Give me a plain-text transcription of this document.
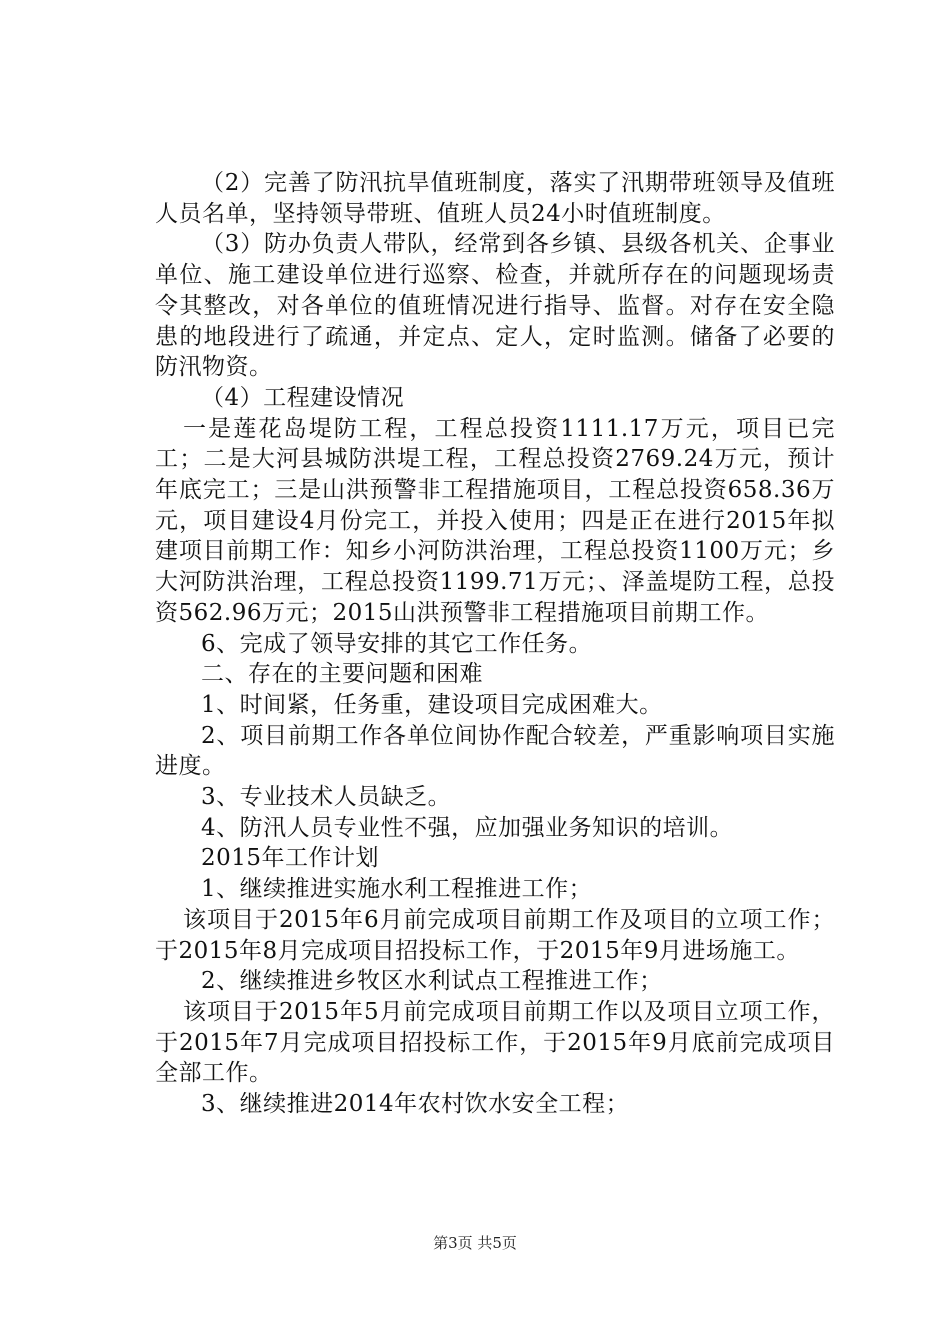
（2）完善了防汛抗旱值班制度，落实了汛期带班领导及值班人员名单，坚持领导带班、值班人员24小时值班制度。

（3）防办负责人带队，经常到各乡镇、县级各机关、企事业单位、施工建设单位进行巡察、检查，并就所存在的问题现场责令其整改，对各单位的值班情况进行指导、监督。对存在安全隐患的地段进行了疏通，并定点、定人，定时监测。储备了必要的防汛物资。

（4）工程建设情况

一是莲花岛堤防工程，工程总投资1111.17万元，项目已完工；二是大河县城防洪堤工程，工程总投资2769.24万元，预计年底完工；三是山洪预警非工程措施项目，工程总投资658.36万元，项目建设4月份完工，并投入使用；四是正在进行2015年拟建项目前期工作：知乡小河防洪治理，工程总投资1100万元；乡大河防洪治理，工程总投资1199.71万元；、泽盖堤防工程，总投资562.96万元；2015山洪预警非工程措施项目前期工作。

6、完成了领导安排的其它工作任务。

二、存在的主要问题和困难

1、时间紧，任务重，建设项目完成困难大。

2、项目前期工作各单位间协作配合较差，严重影响项目实施进度。

3、专业技术人员缺乏。

4、防汛人员专业性不强，应加强业务知识的培训。

2015年工作计划

1、继续推进实施水利工程推进工作；

该项目于2015年6月前完成项目前期工作及项目的立项工作；于2015年8月完成项目招投标工作，于2015年9月进场施工。

2、继续推进乡牧区水利试点工程推进工作；

该项目于2015年5月前完成项目前期工作以及项目立项工作，于2015年7月完成项目招投标工作，于2015年9月底前完成项目全部工作。

3、继续推进2014年农村饮水安全工程；

第3页 共5页
